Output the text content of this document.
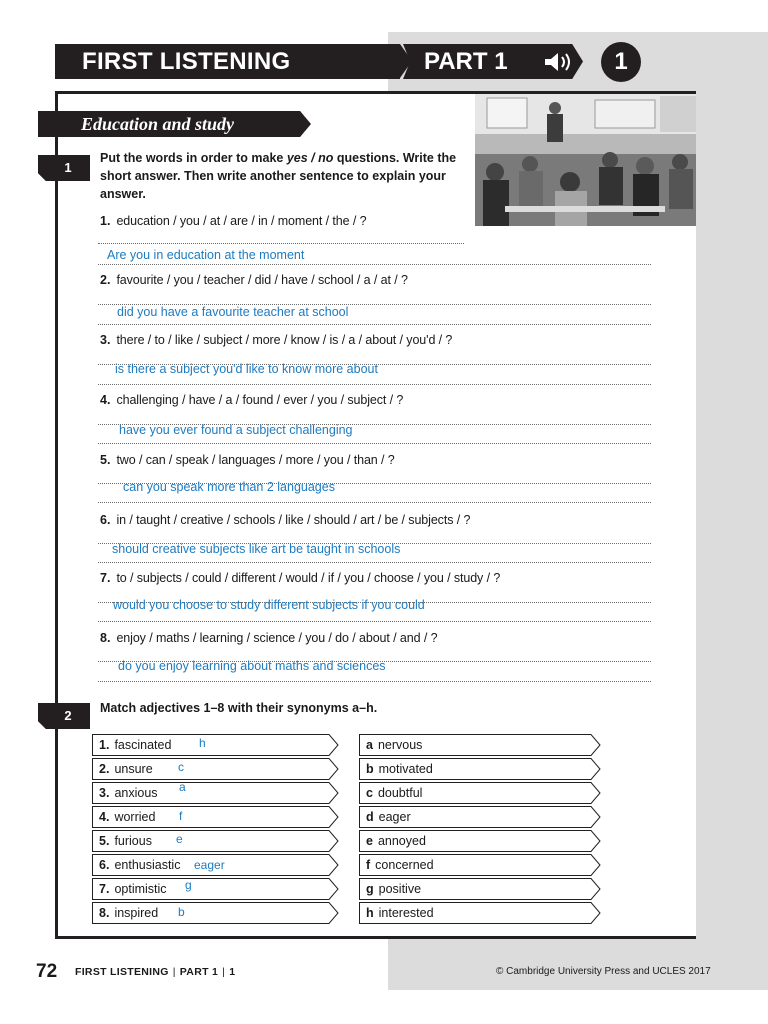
FIRST LISTENING	PART 1	1
Education and study
1
Put the words in order to make yes / no questions. Write the short answer. Then write another sentence to explain your answer.
1. education / you / at / are / in / moment / the / ?
Are you in education at the moment
2. favourite / you / teacher / did / have / school / a / at / ?
did you have a favourite teacher at school
3. there / to / like / subject / more / know / is / a / about / you'd / ?
is there a subject you'd like to know more about
4. challenging / have / a / found / ever / you / subject / ?
have you ever found a subject challenging
5. two / can / speak / languages / more / you / than / ?
can you speak more than 2 languages
6. in / taught / creative / schools / like / should / art / be / subjects / ?
should creative subjects like art be taught in schools
7. to / subjects / could / different / would / if / you / choose / you / study / ?
would you choose to study different subjects if you could
8. enjoy / maths / learning / science / you / do / about / and / ?
do you enjoy learning about maths and sciences
2	Match adjectives 1–8 with their synonyms a–h.
1. fascinated h
2. unsure c
3. anxious a
4. worried f
5. furious e
6. enthusiastic eager
7. optimistic g
8. inspired b
a nervous
b motivated
c doubtful
d eager
e annoyed
f concerned
g positive
h interested
72 FIRST LISTENING | PART 1 | 1	© Cambridge University Press and UCLES 2017
